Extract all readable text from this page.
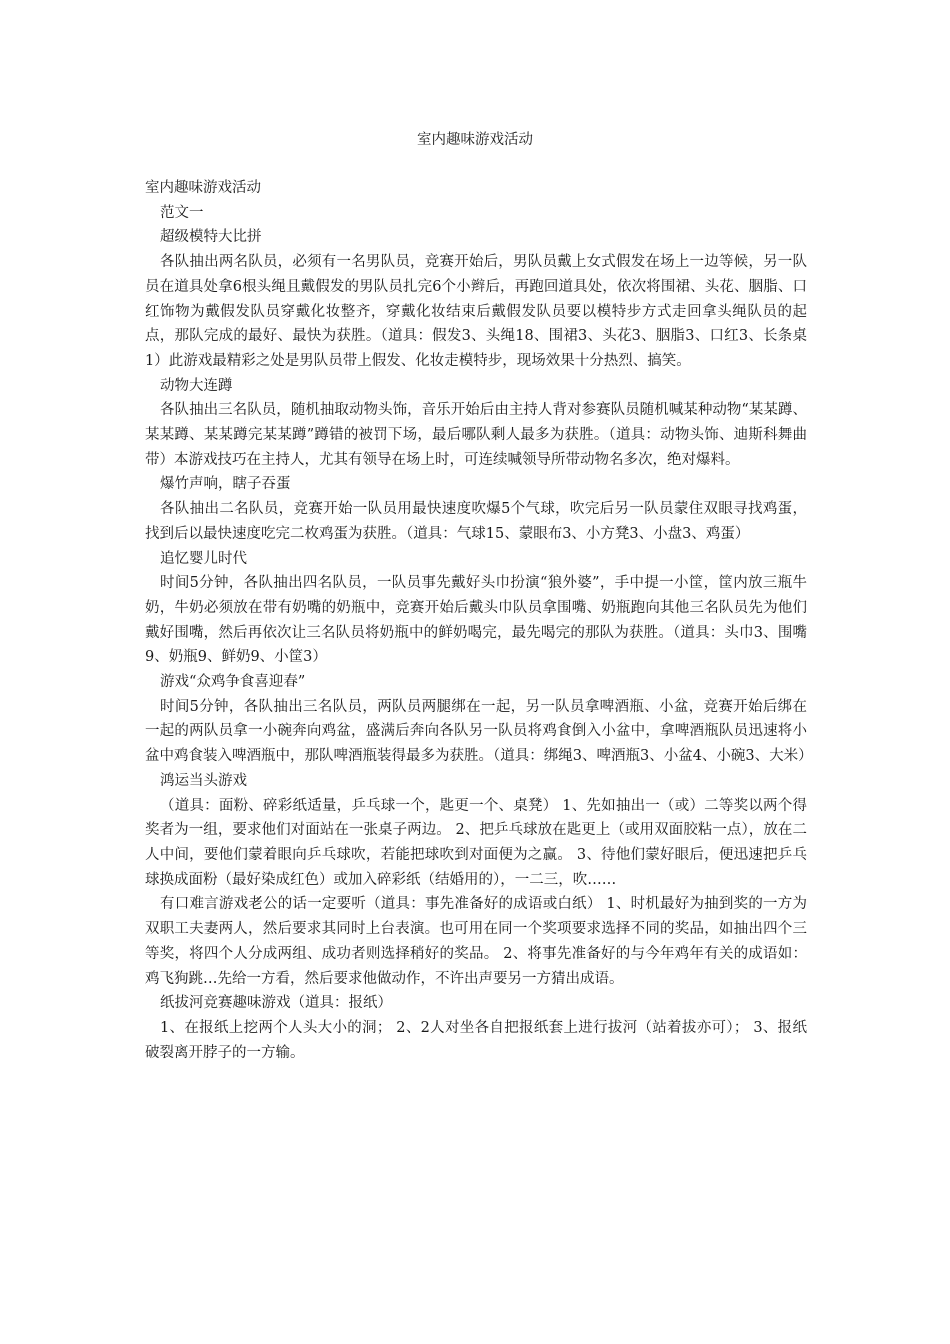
室内趣味游戏活动

室内趣味游戏活动

范文一

超级模特大比拼

各队抽出两名队员，必须有一名男队员，竞赛开始后，男队员戴上女式假发在场上一边等候，另一队员在道具处拿6根头绳且戴假发的男队员扎完6个小辫后，再跑回道具处，依次将围裙、头花、胭脂、口红饰物为戴假发队员穿戴化妆整齐，穿戴化妆结束后戴假发队员要以模特步方式走回拿头绳队员的起点，那队完成的最好、最快为获胜。（道具：假发3、头绳18、围裙3、头花3、胭脂3、口红3、长条桌1）此游戏最精彩之处是男队员带上假发、化妆走模特步，现场效果十分热烈、搞笑。

动物大连蹲

各队抽出三名队员，随机抽取动物头饰，音乐开始后由主持人背对参赛队员随机喊某种动物“某某蹲、某某蹲、某某蹲完某某蹲”蹲错的被罚下场，最后哪队剩人最多为获胜。（道具：动物头饰、迪斯科舞曲带）本游戏技巧在主持人，尤其有领导在场上时，可连续喊领导所带动物名多次，绝对爆料。

爆竹声响，瞎子吞蛋

各队抽出二名队员，竞赛开始一队员用最快速度吹爆5个气球，吹完后另一队员蒙住双眼寻找鸡蛋，找到后以最快速度吃完二枚鸡蛋为获胜。（道具：气球15、蒙眼布3、小方凳3、小盘3、鸡蛋）

追忆婴儿时代

时间5分钟，各队抽出四名队员，一队员事先戴好头巾扮演“狼外婆”，手中提一小筐，筐内放三瓶牛奶，牛奶必须放在带有奶嘴的奶瓶中，竞赛开始后戴头巾队员拿围嘴、奶瓶跑向其他三名队员先为他们戴好围嘴，然后再依次让三名队员将奶瓶中的鲜奶喝完，最先喝完的那队为获胜。（道具：头巾3、围嘴9、奶瓶9、鲜奶9、小筐3）

游戏“众鸡争食喜迎春”

时间5分钟，各队抽出三名队员，两队员两腿绑在一起，另一队员拿啤酒瓶、小盆，竞赛开始后绑在一起的两队员拿一小碗奔向鸡盆，盛满后奔向各队另一队员将鸡食倒入小盆中，拿啤酒瓶队员迅速将小盆中鸡食装入啤酒瓶中，那队啤酒瓶装得最多为获胜。（道具：绑绳3、啤酒瓶3、小盆4、小碗3、大米）

鸿运当头游戏

（道具：面粉、碎彩纸适量，乒乓球一个，匙更一个、桌凳） 1、先如抽出一（或）二等奖以两个得奖者为一组，要求他们对面站在一张桌子两边。 2、把乒乓球放在匙更上（或用双面胶粘一点），放在二人中间，要他们蒙着眼向乒乓球吹，若能把球吹到对面便为之赢。 3、待他们蒙好眼后，便迅速把乒乓球换成面粉（最好染成红色）或加入碎彩纸（结婚用的），一二三，吹……

有口难言游戏老公的话一定要听（道具：事先准备好的成语或白纸） 1、时机最好为抽到奖的一方为双职工夫妻两人，然后要求其同时上台表演。也可用在同一个奖项要求选择不同的奖品，如抽出四个三等奖，将四个人分成两组、成功者则选择稍好的奖品。 2、将事先准备好的与今年鸡年有关的成语如：鸡飞狗跳…先给一方看，然后要求他做动作，不许出声要另一方猜出成语。

纸拔河竞赛趣味游戏（道具：报纸）

1、在报纸上挖两个人头大小的洞； 2、2人对坐各自把报纸套上进行拔河（站着拔亦可）； 3、报纸破裂离开脖子的一方输。
